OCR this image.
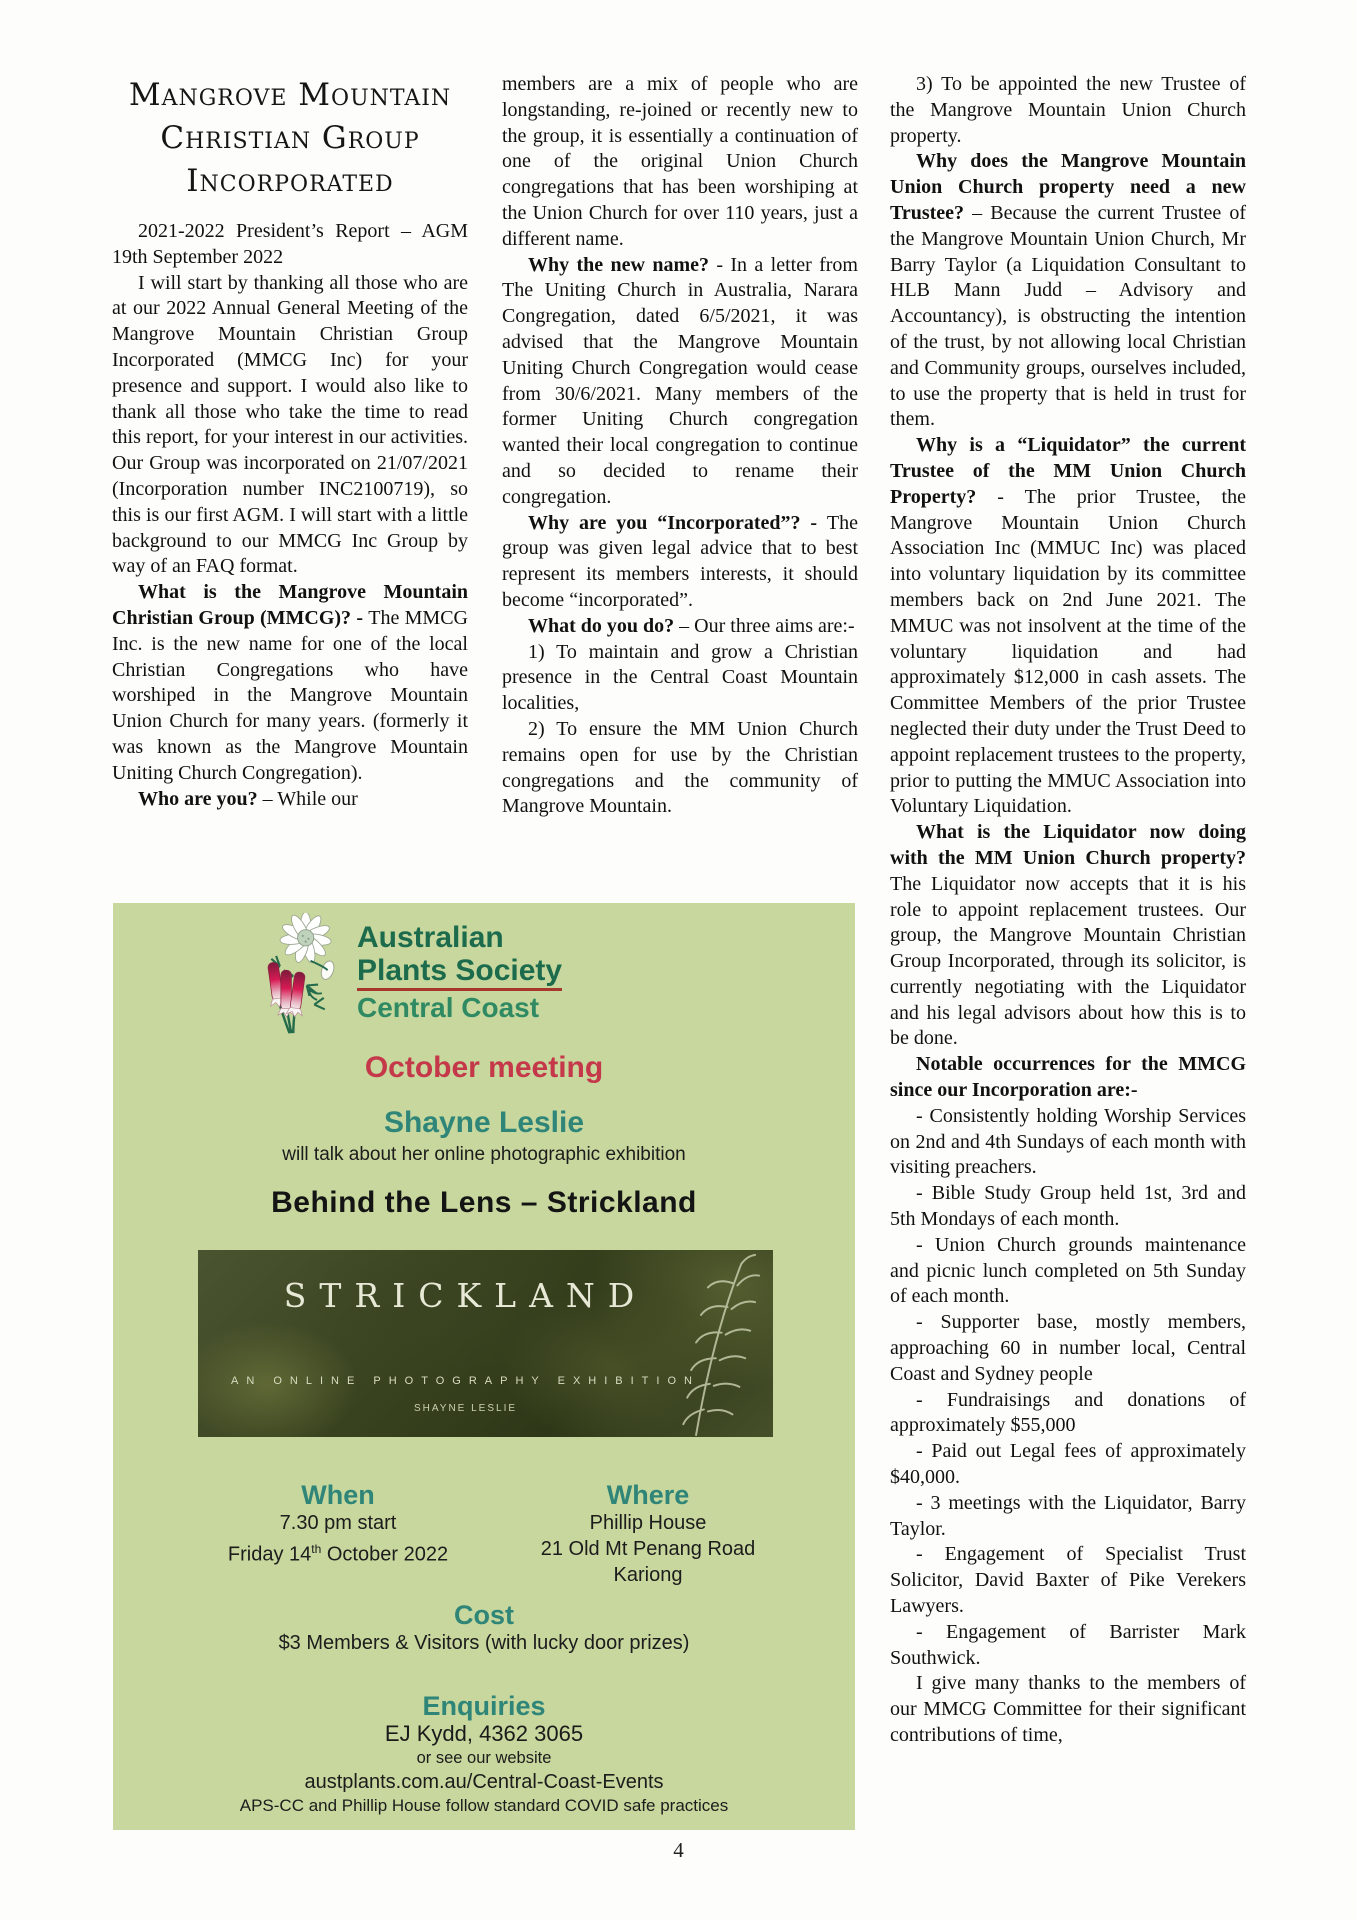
Mangrove Mountain
Christian Group
Incorporated

2021-2022 President’s Report – AGM 19th September 2022

I will start by thanking all those who are at our 2022 Annual General Meeting of the Mangrove Mountain Christian Group Incorporated (MMCG Inc) for your presence and support. I would also like to thank all those who take the time to read this report, for your interest in our activities. Our Group was incorporated on 21/07/2021 (Incorporation number INC2100719), so this is our first AGM. I will start with a little background to our MMCG Inc Group by way of an FAQ format.

What is the Mangrove Mountain Christian Group (MMCG)? - The MMCG Inc. is the new name for one of the local Christian Congregations who have worshiped in the Mangrove Mountain Union Church for many years. (formerly it was known as the Mangrove Mountain Uniting Church Congregation).

Who are you? – While our

members are a mix of people who are longstanding, re-joined or recently new to the group, it is essentially a continuation of one of the original Union Church congregations that has been worshiping at the Union Church for over 110 years, just a different name.

Why the new name? - In a letter from The Uniting Church in Australia, Narara Congregation, dated 6/5/2021, it was advised that the Mangrove Mountain Uniting Church Congregation would cease from 30/6/2021. Many members of the former Uniting Church congregation wanted their local congregation to continue and so decided to rename their congregation.

Why are you “Incorporated”? - The group was given legal advice that to best represent its members interests, it should become “incorporated”.

What do you do? – Our three aims are:-

1) To maintain and grow a Christian presence in the Central Coast Mountain localities,

2) To ensure the MM Union Church remains open for use by the Christian congregations and the community of Mangrove Mountain.

3) To be appointed the new Trustee of the Mangrove Mountain Union Church property.

Why does the Mangrove Mountain Union Church property need a new Trustee? – Because the current Trustee of the Mangrove Mountain Union Church, Mr Barry Taylor (a Liquidation Consultant to HLB Mann Judd – Advisory and Accountancy), is obstructing the intention of the trust, by not allowing local Christian and Community groups, ourselves included, to use the property that is held in trust for them.

Why is a “Liquidator” the current Trustee of the MM Union Church Property? - The prior Trustee, the Mangrove Mountain Union Church Association Inc (MMUC Inc) was placed into voluntary liquidation by its committee members back on 2nd June 2021. The MMUC was not insolvent at the time of the voluntary liquidation and had approximately $12,000 in cash assets. The Committee Members of the prior Trustee neglected their duty under the Trust Deed to appoint replacement trustees to the property, prior to putting the MMUC Association into Voluntary Liquidation.

What is the Liquidator now doing with the MM Union Church property? The Liquidator now accepts that it is his role to appoint replacement trustees. Our group, the Mangrove Mountain Christian Group Incorporated, through its solicitor, is currently negotiating with the Liquidator and his legal advisors about how this is to be done.

Notable occurrences for the MMCG since our Incorporation are:-

- Consistently holding Worship Services on 2nd and 4th Sundays of each month with visiting preachers.

- Bible Study Group held 1st, 3rd and 5th Mondays of each month.

- Union Church grounds maintenance and picnic lunch completed on 5th Sunday of each month.

- Supporter base, mostly members, approaching 60 in number local, Central Coast and Sydney people

- Fundraisings and donations of approximately $55,000

- Paid out Legal fees of approximately $40,000.

- 3 meetings with the Liquidator, Barry Taylor.

- Engagement of Specialist Trust Solicitor, David Baxter of Pike Verekers Lawyers.

- Engagement of Barrister Mark Southwick.

I give many thanks to the members of our MMCG Committee for their significant contributions of time,

Australian
Plants Society
Central Coast
October meeting
Shayne Leslie
will talk about her online photographic exhibition
Behind the Lens – Strickland
STRICKLAND
AN ONLINE PHOTOGRAPHY EXHIBITION
SHAYNE LESLIE
When
7.30 pm start
Friday 14th October 2022
Where
Phillip House
21 Old Mt Penang Road
Kariong
Cost
$3 Members & Visitors (with lucky door prizes)
Enquiries
EJ Kydd, 4362 3065
or see our website
austplants.com.au/Central-Coast-Events
APS-CC and Phillip House follow standard COVID safe practices
4
